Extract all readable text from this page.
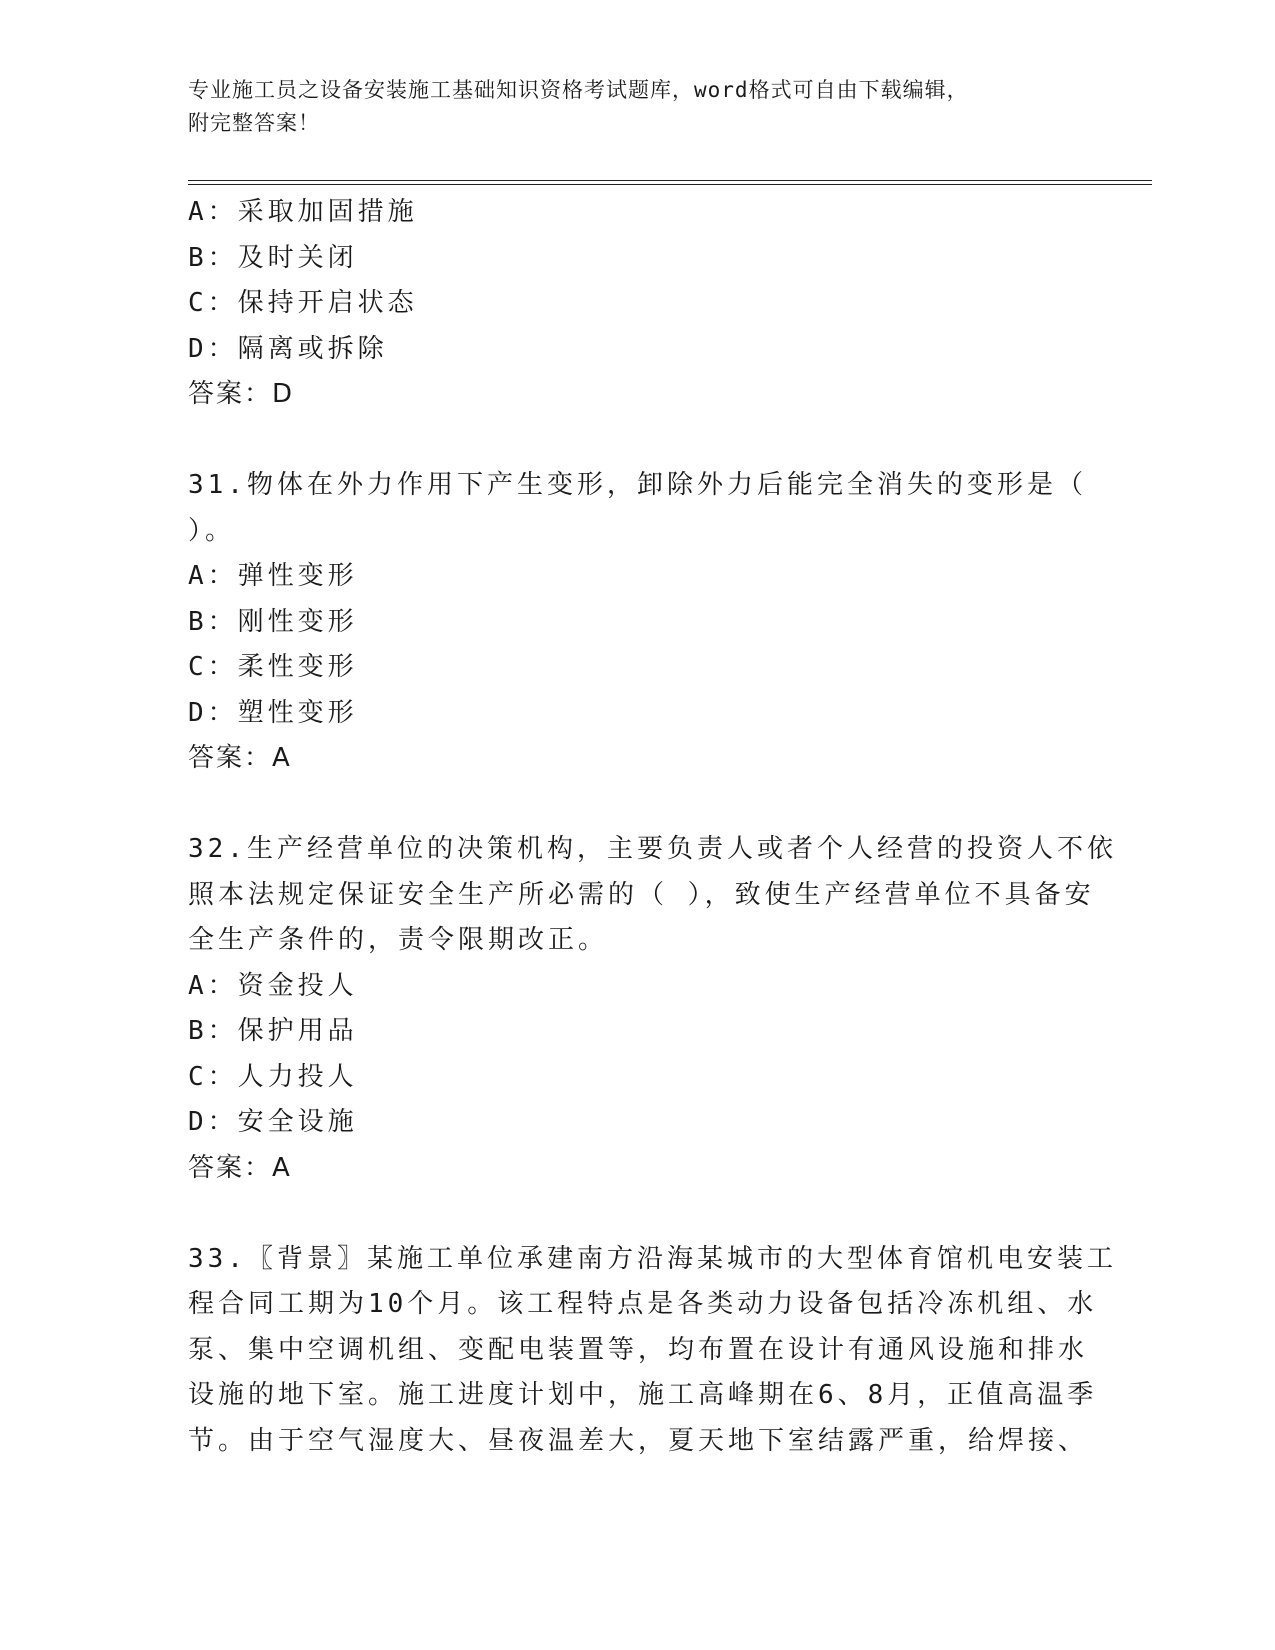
专业施工员之设备安装施工基础知识资格考试题库，word格式可自由下载编辑，
附完整答案！
A：采取加固措施
B：及时关闭
C：保持开启状态
D：隔离或拆除
答案：D
31.物体在外力作用下产生变形，卸除外力后能完全消失的变形是（
）。
A：弹性变形
B：刚性变形
C：柔性变形
D：塑性变形
答案：A
32.生产经营单位的决策机构，主要负责人或者个人经营的投资人不依
照本法规定保证安全生产所必需的（ ），致使生产经营单位不具备安
全生产条件的，责令限期改正。
A：资金投人
B：保护用品
C：人力投人
D：安全设施
答案：A
33.〖背景〗某施工单位承建南方沿海某城市的大型体育馆机电安装工
程合同工期为10个月。该工程特点是各类动力设备包括冷冻机组、水
泵、集中空调机组、变配电装置等，均布置在设计有通风设施和排水
设施的地下室。施工进度计划中，施工高峰期在6、8月，正值高温季
节。由于空气湿度大、昼夜温差大，夏天地下室结露严重，给焊接、
